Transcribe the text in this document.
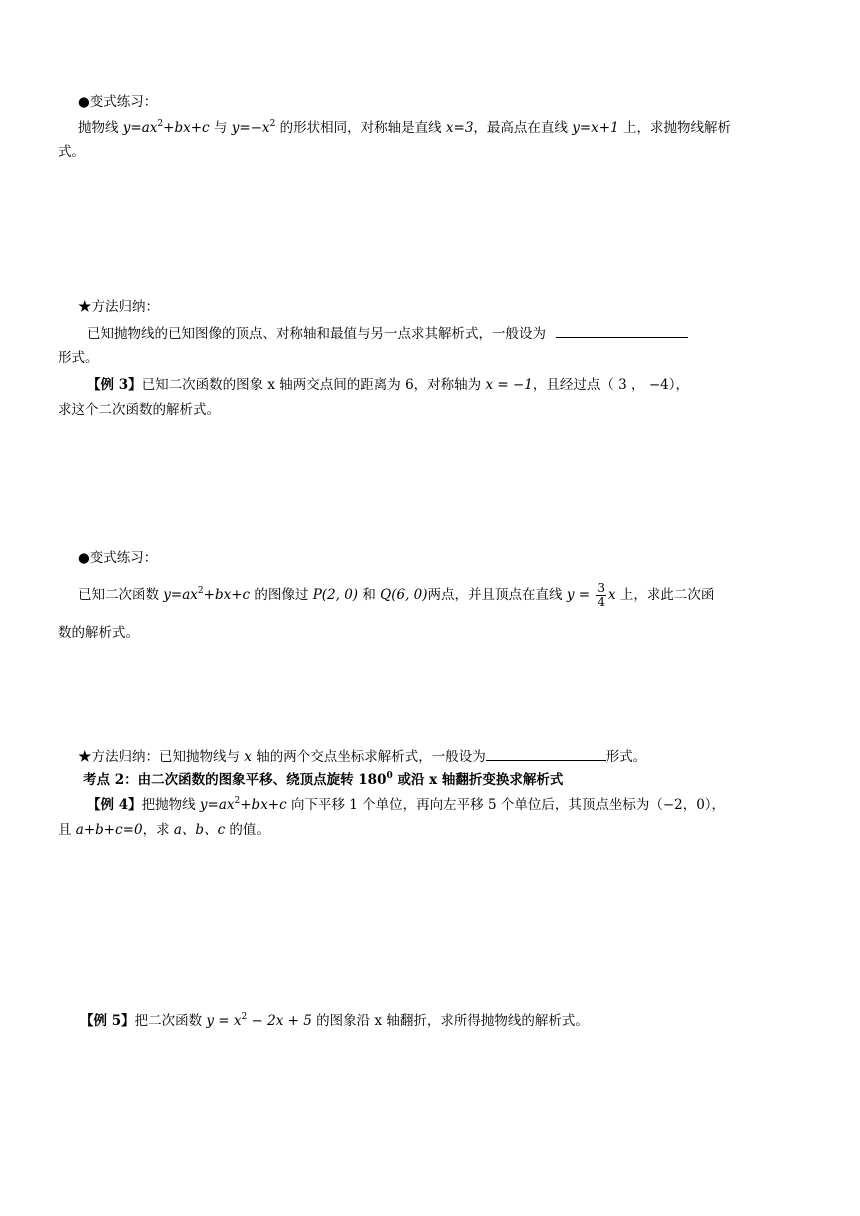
●变式练习：
抛物线 $y=ax^2+bx+c$ 与 $y=-x^2$ 的形状相同，对称轴是直线 x=3，最高点在直线 y=x+1 上，求抛物线解析
式。
★方法归纳：
已知抛物线的已知图像的顶点、对称轴和最值与另一点求其解析式，一般设为
形式。
【例 3】已知二次函数的图象 x 轴两交点间的距离为 6，对称轴为 x = −1，且经过点（ 3 ， −4），
求这个二次函数的解析式。
●变式练习：
已知二次函数 $y=ax^2+bx+c$ 的图像过 P(2, 0) 和 Q(6, 0)两点，并且顶点在直线 $y = \frac{3}{4}$ x 上，求此二次函
数的解析式。
★方法归纳：已知抛物线与 x 轴的两个交点坐标求解析式，一般设为	形式。
考点 2：由二次函数的图象平移、绕顶点旋转 $180^0$ 或沿 x 轴翻折变换求解析式
【例 4】把抛物线 $y=ax^2+bx+c$ 向下平移 1 个单位，再向左平移 5 个单位后，其顶点坐标为（−2，0），
且 a+b+c=0，求 a、b、c 的值。
【例 5】把二次函数 $y = x^2 - 2x + 5$ 的图象沿 x 轴翻折，求所得抛物线的解析式。
